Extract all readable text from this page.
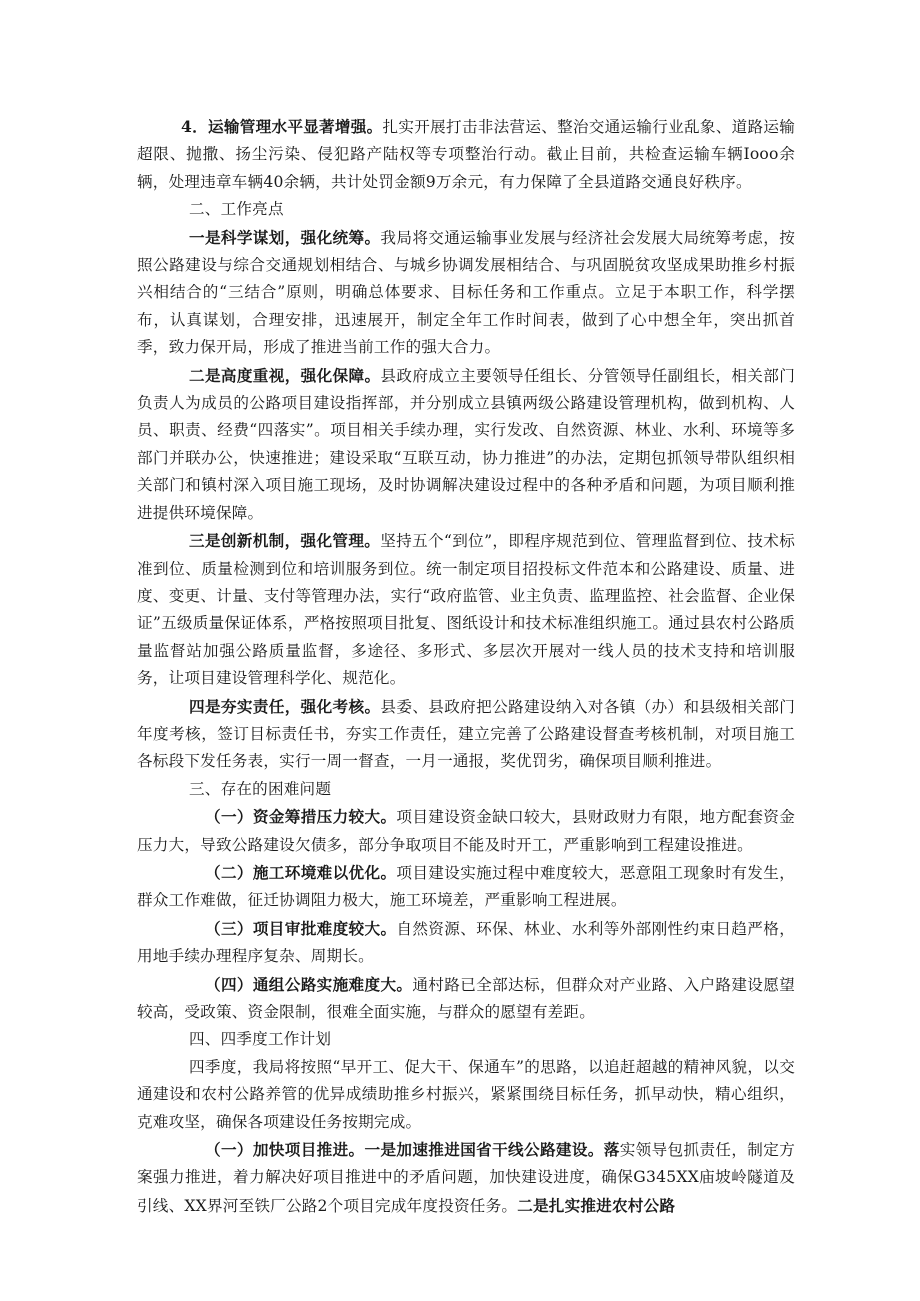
4．运输管理水平显著增强。扎实开展打击非法营运、整治交通运输行业乱象、道路运输超限、抛撒、扬尘污染、侵犯路产陆权等专项整治行动。截止目前，共检查运输车辆Iooo余辆，处理违章车辆40余辆，共计处罚金额9万余元，有力保障了全县道路交通良好秩序。

二、工作亮点

一是科学谋划，强化统筹。我局将交通运输事业发展与经济社会发展大局统筹考虑，按照公路建设与综合交通规划相结合、与城乡协调发展相结合、与巩固脱贫攻坚成果助推乡村振兴相结合的“三结合”原则，明确总体要求、目标任务和工作重点。立足于本职工作，科学摆布，认真谋划，合理安排，迅速展开，制定全年工作时间表，做到了心中想全年，突出抓首季，致力保开局，形成了推进当前工作的强大合力。

二是高度重视，强化保障。县政府成立主要领导任组长、分管领导任副组长，相关部门负责人为成员的公路项目建设指挥部，并分别成立县镇两级公路建设管理机构，做到机构、人员、职责、经费“四落实”。项目相关手续办理，实行发改、自然资源、林业、水利、环境等多部门并联办公，快速推进；建设采取“互联互动，协力推进”的办法，定期包抓领导带队组织相关部门和镇村深入项目施工现场，及时协调解决建设过程中的各种矛盾和问题，为项目顺利推进提供环境保障。

三是创新机制，强化管理。坚持五个“到位”，即程序规范到位、管理监督到位、技术标准到位、质量检测到位和培训服务到位。统一制定项目招投标文件范本和公路建设、质量、进度、变更、计量、支付等管理办法，实行“政府监管、业主负责、监理监控、社会监督、企业保证”五级质量保证体系，严格按照项目批复、图纸设计和技术标准组织施工。通过县农村公路质量监督站加强公路质量监督，多途径、多形式、多层次开展对一线人员的技术支持和培训服务，让项目建设管理科学化、规范化。

四是夯实责任，强化考核。县委、县政府把公路建设纳入对各镇（办）和县级相关部门年度考核，签订目标责任书，夯实工作责任，建立完善了公路建设督查考核机制，对项目施工各标段下发任务表，实行一周一督查，一月一通报，奖优罚劣，确保项目顺利推进。

三、存在的困难问题

（一）资金筹措压力较大。项目建设资金缺口较大，县财政财力有限，地方配套资金压力大，导致公路建设欠债多，部分争取项目不能及时开工，严重影响到工程建设推进。

（二）施工环境难以优化。项目建设实施过程中难度较大，恶意阻工现象时有发生，群众工作难做，征迁协调阻力极大，施工环境差，严重影响工程进展。

（三）项目审批难度较大。自然资源、环保、林业、水利等外部刚性约束日趋严格，用地手续办理程序复杂、周期长。

（四）通组公路实施难度大。通村路已全部达标，但群众对产业路、入户路建设愿望较高，受政策、资金限制，很难全面实施，与群众的愿望有差距。

四、四季度工作计划

四季度，我局将按照“早开工、促大干、保通车”的思路，以追赶超越的精神风貌，以交通建设和农村公路养管的优异成绩助推乡村振兴，紧紧围绕目标任务，抓早动快，精心组织，克难攻坚，确保各项建设任务按期完成。

（一）加快项目推进。一是加速推进国省干线公路建设。落实领导包抓责任，制定方案强力推进，着力解决好项目推进中的矛盾问题，加快建设进度，确保G345XX庙坡岭隧道及引线、XX界河至铁厂公路2个项目完成年度投资任务。二是扎实推进农村公路
